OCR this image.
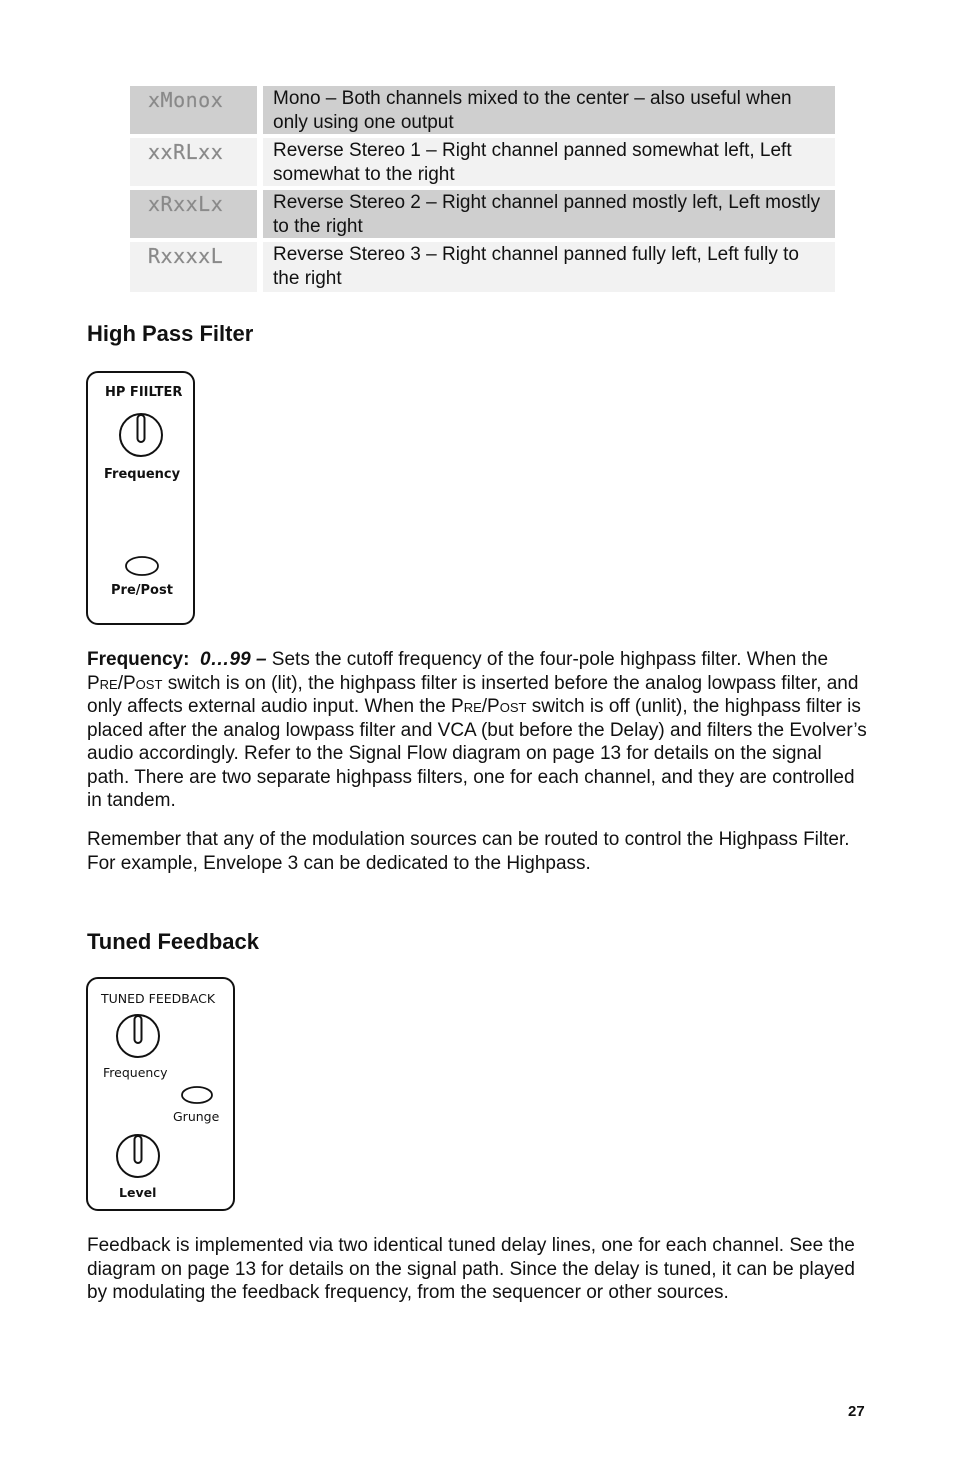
xMonox	Mono – Both channels mixed to the center – also useful when only using one output
xxRLxx	Reverse Stereo 1 – Right channel panned somewhat left, Left somewhat to the right
xRxxLx	Reverse Stereo 2 – Right channel panned mostly left, Left mostly to the right
RxxxxL	Reverse Stereo 3 – Right channel panned fully left, Left fully to the right
High Pass Filter
HP FIILTER
Frequency
Pre/Post

Frequency: 0…99 – Sets the cutoff frequency of the four-pole highpass filter. When the Pre/Post switch is on (lit), the highpass filter is inserted before the analog lowpass filter, and only affects external audio input. When the Pre/Post switch is off (unlit), the highpass filter is placed after the analog lowpass filter and VCA (but before the Delay) and filters the Evolver’s audio accordingly. Refer to the Signal Flow diagram on page 13 for details on the signal path. There are two separate highpass filters, one for each channel, and they are controlled in tandem.

Remember that any of the modulation sources can be routed to control the Highpass Filter. For example, Envelope 3 can be dedicated to the Highpass.

Tuned Feedback
TUNED FEEDBACK
Frequency
Grunge
Level

Feedback is implemented via two identical tuned delay lines, one for each channel. See the diagram on page 13 for details on the signal path. Since the delay is tuned, it can be played by modulating the feedback frequency, from the sequencer or other sources.

27
